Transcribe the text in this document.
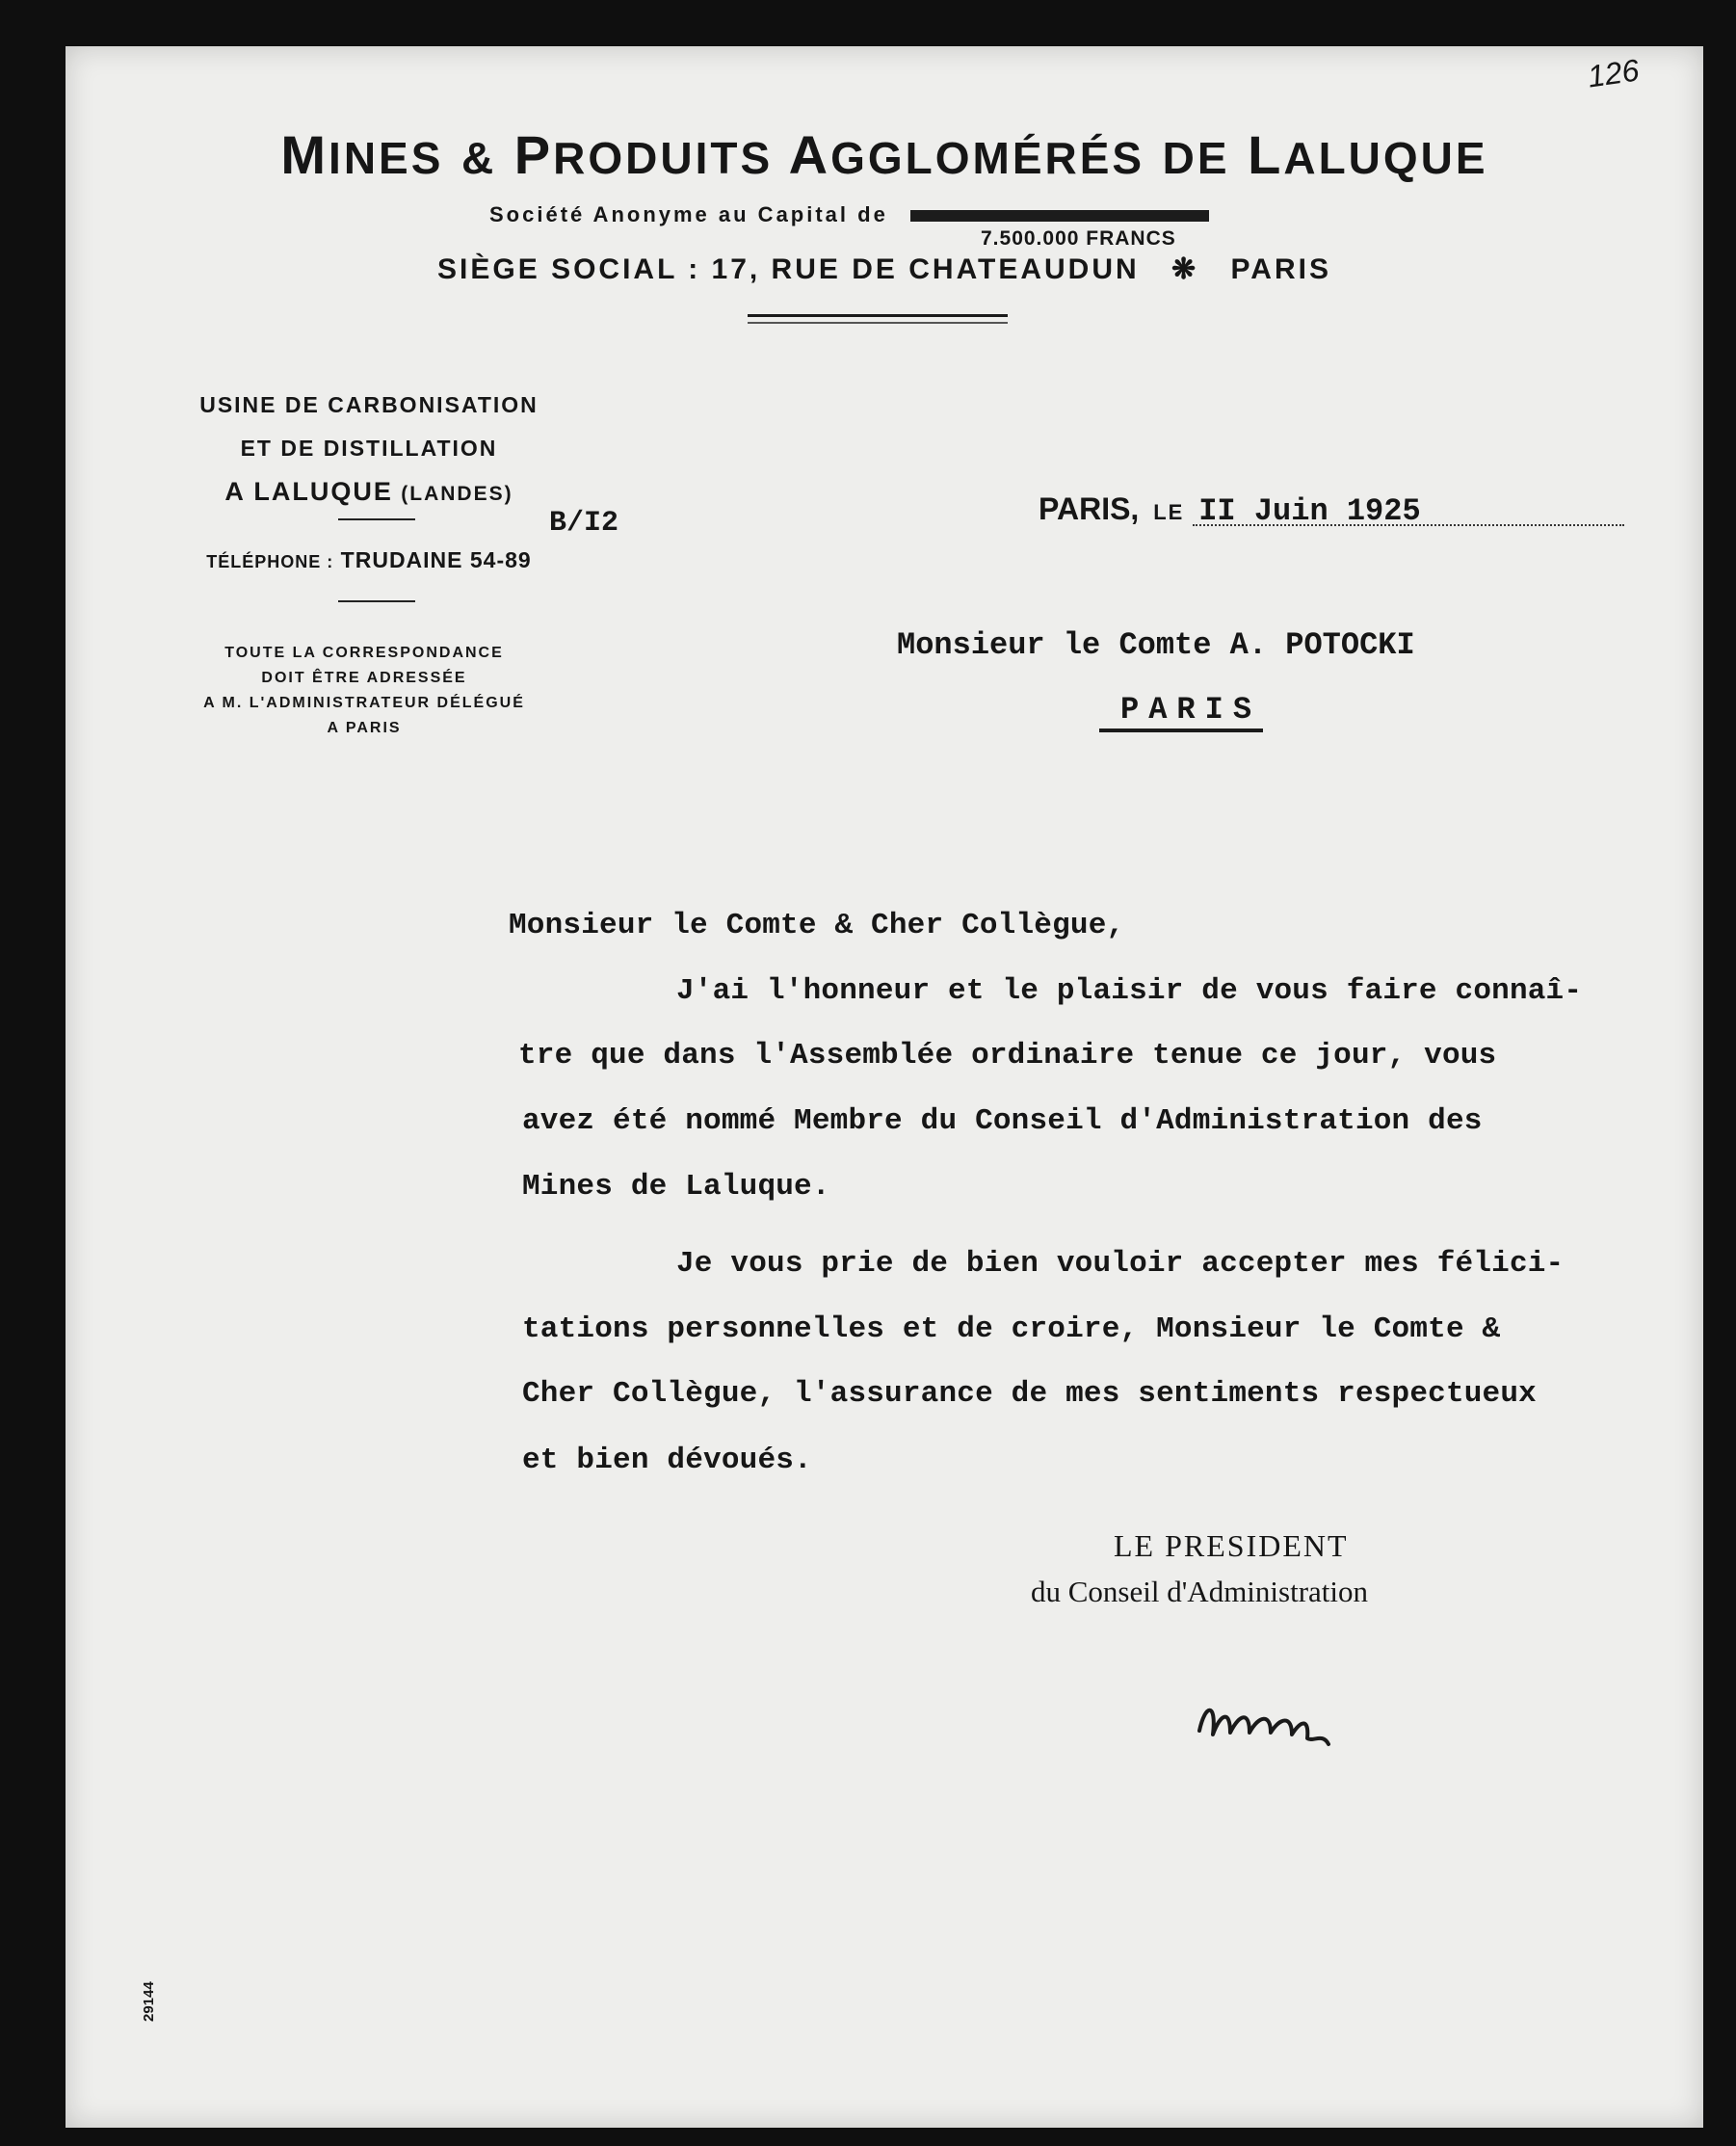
126
MINES & PRODUITS AGGLOMÉRÉS DE LALUQUE
Société Anonyme au Capital de
7.500.000 FRANCS
SIÈGE SOCIAL : 17, RUE DE CHATEAUDUN ❋ PARIS
USINE DE CARBONISATION
ET DE DISTILLATION
A LALUQUE (LANDES)
TÉLÉPHONE : TRUDAINE 54-89
TOUTE LA CORRESPONDANCE
DOIT ÊTRE ADRESSÉE
A M. L'ADMINISTRATEUR DÉLÉGUÉ
A PARIS
B/I2	PARIS, LE II Juin 1925
Monsieur le Comte A. POTOCKI
PARIS
Monsieur le Comte & Cher Collègue,
J'ai l'honneur et le plaisir de vous faire connaî-
tre que dans l'Assemblée ordinaire tenue ce jour, vous
avez été nommé Membre du Conseil d'Administration des
Mines de Laluque.
Je vous prie de bien vouloir accepter mes félici-
tations personnelles et de croire, Monsieur le Comte &
Cher Collègue, l'assurance de mes sentiments respectueux
et bien dévoués.
LE PRESIDENT
du Conseil d'Administration
29144
